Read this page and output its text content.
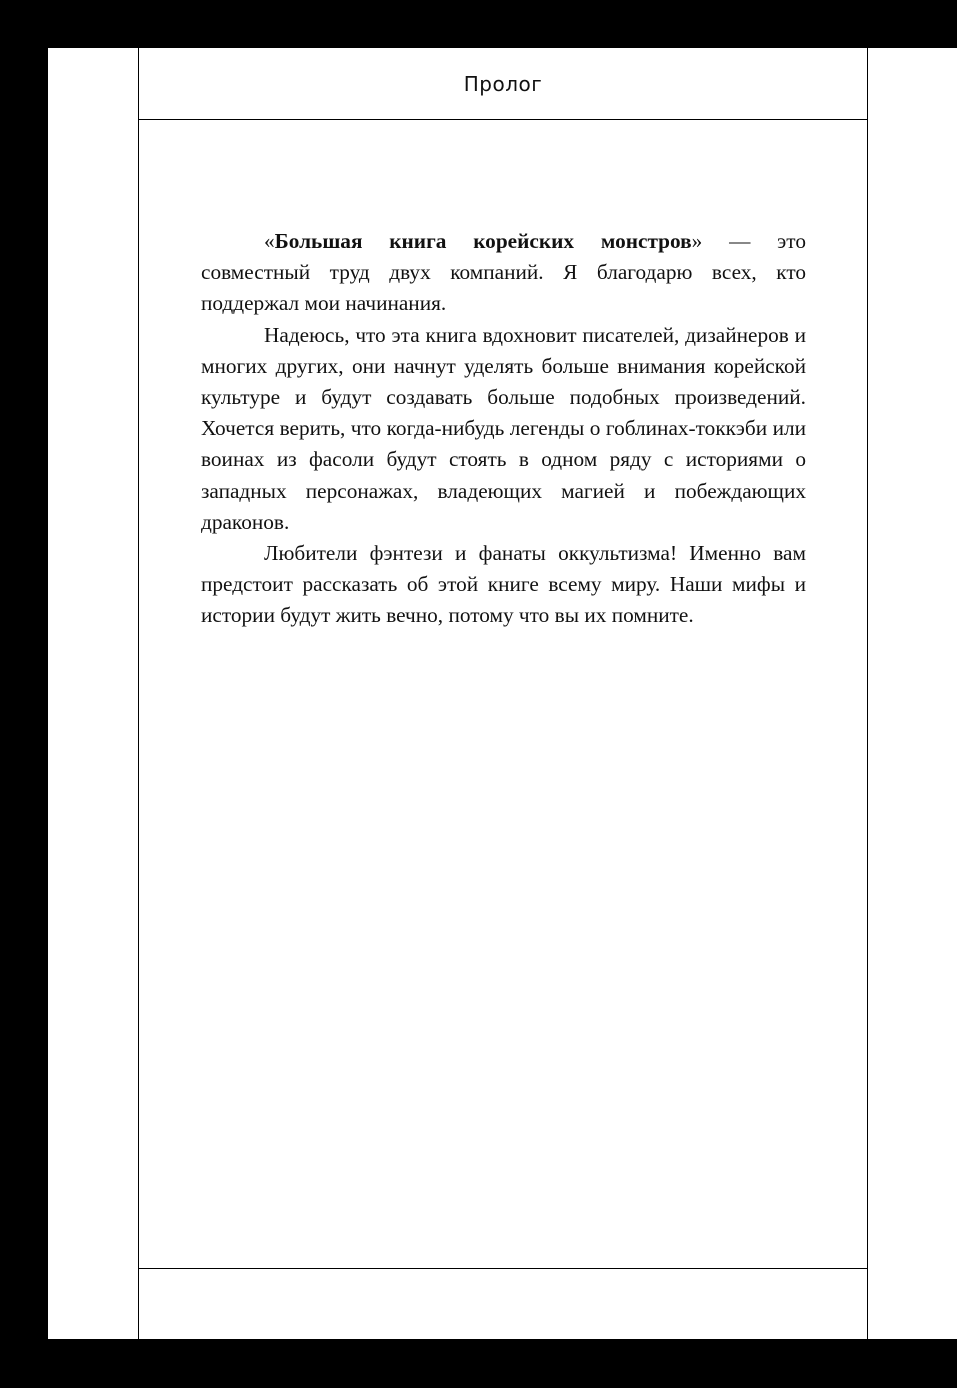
Пролог

«Большая книга корейских монстров» — это совместный труд двух компаний. Я благодарю всех, кто поддержал мои начинания.

Надеюсь, что эта книга вдохновит писателей, дизайнеров и многих других, они начнут уделять больше внимания корейской культуре и будут создавать больше подобных произведений. Хочется верить, что когда-нибудь легенды о гоблинах-токкэби или воинах из фасоли будут стоять в одном ряду с историями о западных персонажах, владеющих магией и побеждающих драконов.

Любители фэнтези и фанаты оккультизма! Именно вам предстоит рассказать об этой книге всему миру. Наши мифы и истории будут жить вечно, потому что вы их помните.
